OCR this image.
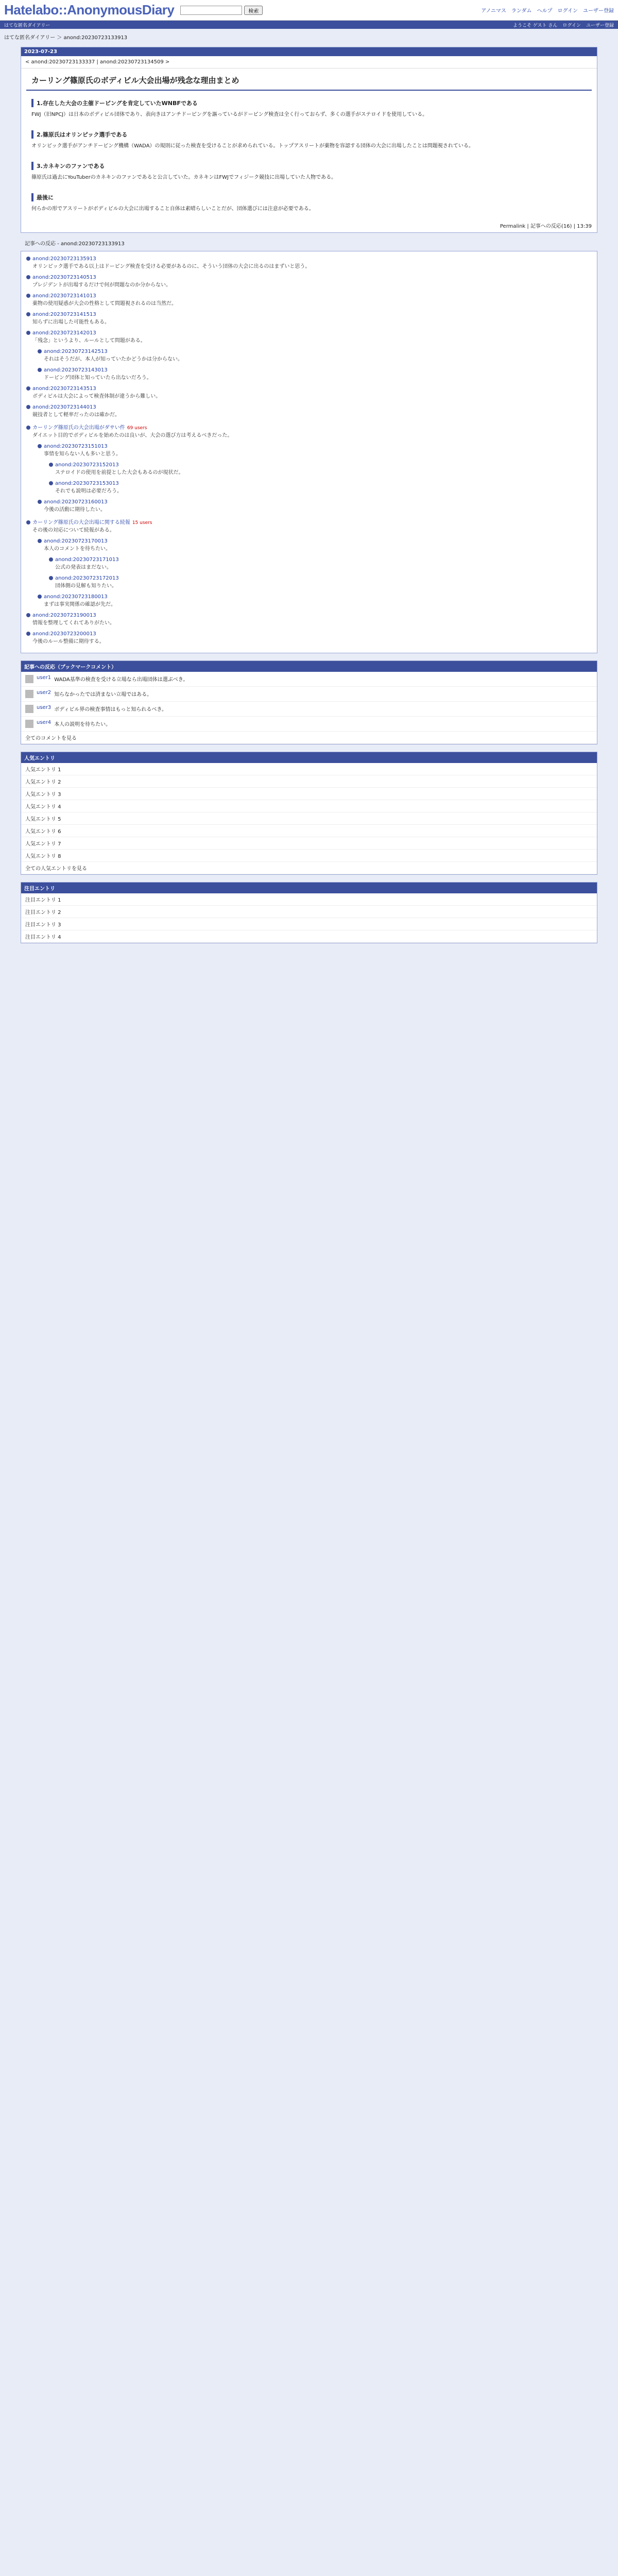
Hatelabo::AnonymousDiary	検索	アノニマス ランダム ヘルプ ログイン ユーザー登録
はてな匿名ダイアリー	ようこそ ゲスト さん ログイン ユーザー登録
はてな匿名ダイアリー ＞ anond:20230723133913
2023-07-23
< anond:20230723133337 | anond:20230723134509 >
カーリング篠原氏のボディビル大会出場が残念な理由まとめ
1.存在した大会の主催ドーピングを肯定していたWNBFである

FWJ（旧NPCJ）は日本のボディビル団体であり、表向きはアンチドーピングを謳っているがドーピング検査は全く行っておらず、多くの選手がステロイドを使用している。

2.篠原氏はオリンピック選手である

オリンピック選手がアンチドーピング機構（WADA）の規則に従った検査を受けることが求められている。トップアスリートが薬物を容認する団体の大会に出場したことは問題視されている。

3.カネキンのファンである

篠原氏は過去にYouTuberのカネキンのファンであると公言していた。カネキンはFWJでフィジーク競技に出場していた人物である。

最後に

何らかの形でアスリートがボディビルの大会に出場すること自体は素晴らしいことだが、団体選びには注意が必要である。

Permalink | 記事への反応(16) | 13:39
記事への反応 - anond:20230723133913
anond:20230723135913
オリンピック選手である以上はドーピング検査を受ける必要があるのに、そういう団体の大会に出るのはまずいと思う。
anond:20230723140513
プレジデントが出場するだけで何が問題なのか分からない。
anond:20230723141013
薬物の使用疑惑が大会の性格として問題視されるのは当然だ。
anond:20230723141513
知らずに出場した可能性もある。
anond:20230723142013
「残念」というより、ルールとして問題がある。
anond:20230723142513
それはそうだが、本人が知っていたかどうかは分からない。
anond:20230723143013
ドーピング団体と知っていたら出ないだろう。
anond:20230723143513
ボディビルは大会によって検査体制が違うから難しい。
anond:20230723144013
競技者として軽率だったのは確かだ。
カーリング篠原氏の大会出場がダサい件 69 users
ダイエット目的でボディビルを始めたのは良いが、大会の選び方は考えるべきだった。
anond:20230723151013
事情を知らない人も多いと思う。
anond:20230723152013
ステロイドの使用を前提とした大会もあるのが現状だ。
anond:20230723153013
それでも説明は必要だろう。
anond:20230723160013
今後の活動に期待したい。
カーリング篠原氏の大会出場に関する続報 15 users
その後の対応について続報がある。
anond:20230723170013
本人のコメントを待ちたい。
anond:20230723171013
公式の発表はまだない。
anond:20230723172013
団体側の見解も知りたい。
anond:20230723180013
まずは事実関係の確認が先だ。
anond:20230723190013
情報を整理してくれてありがたい。
anond:20230723200013
今後のルール整備に期待する。
記事への反応（ブックマークコメント）
user1 WADA基準の検査を受ける立場なら出場団体は選ぶべき。
user2 知らなかったでは済まない立場ではある。
user3 ボディビル界の検査事情はもっと知られるべき。
user4 本人の説明を待ちたい。
全てのコメントを見る
人気エントリ
人気エントリ 1
人気エントリ 2
人気エントリ 3
人気エントリ 4
人気エントリ 5
人気エントリ 6
人気エントリ 7
人気エントリ 8
全ての人気エントリを見る
注目エントリ
注目エントリ 1
注目エントリ 2
注目エントリ 3
注目エントリ 4
